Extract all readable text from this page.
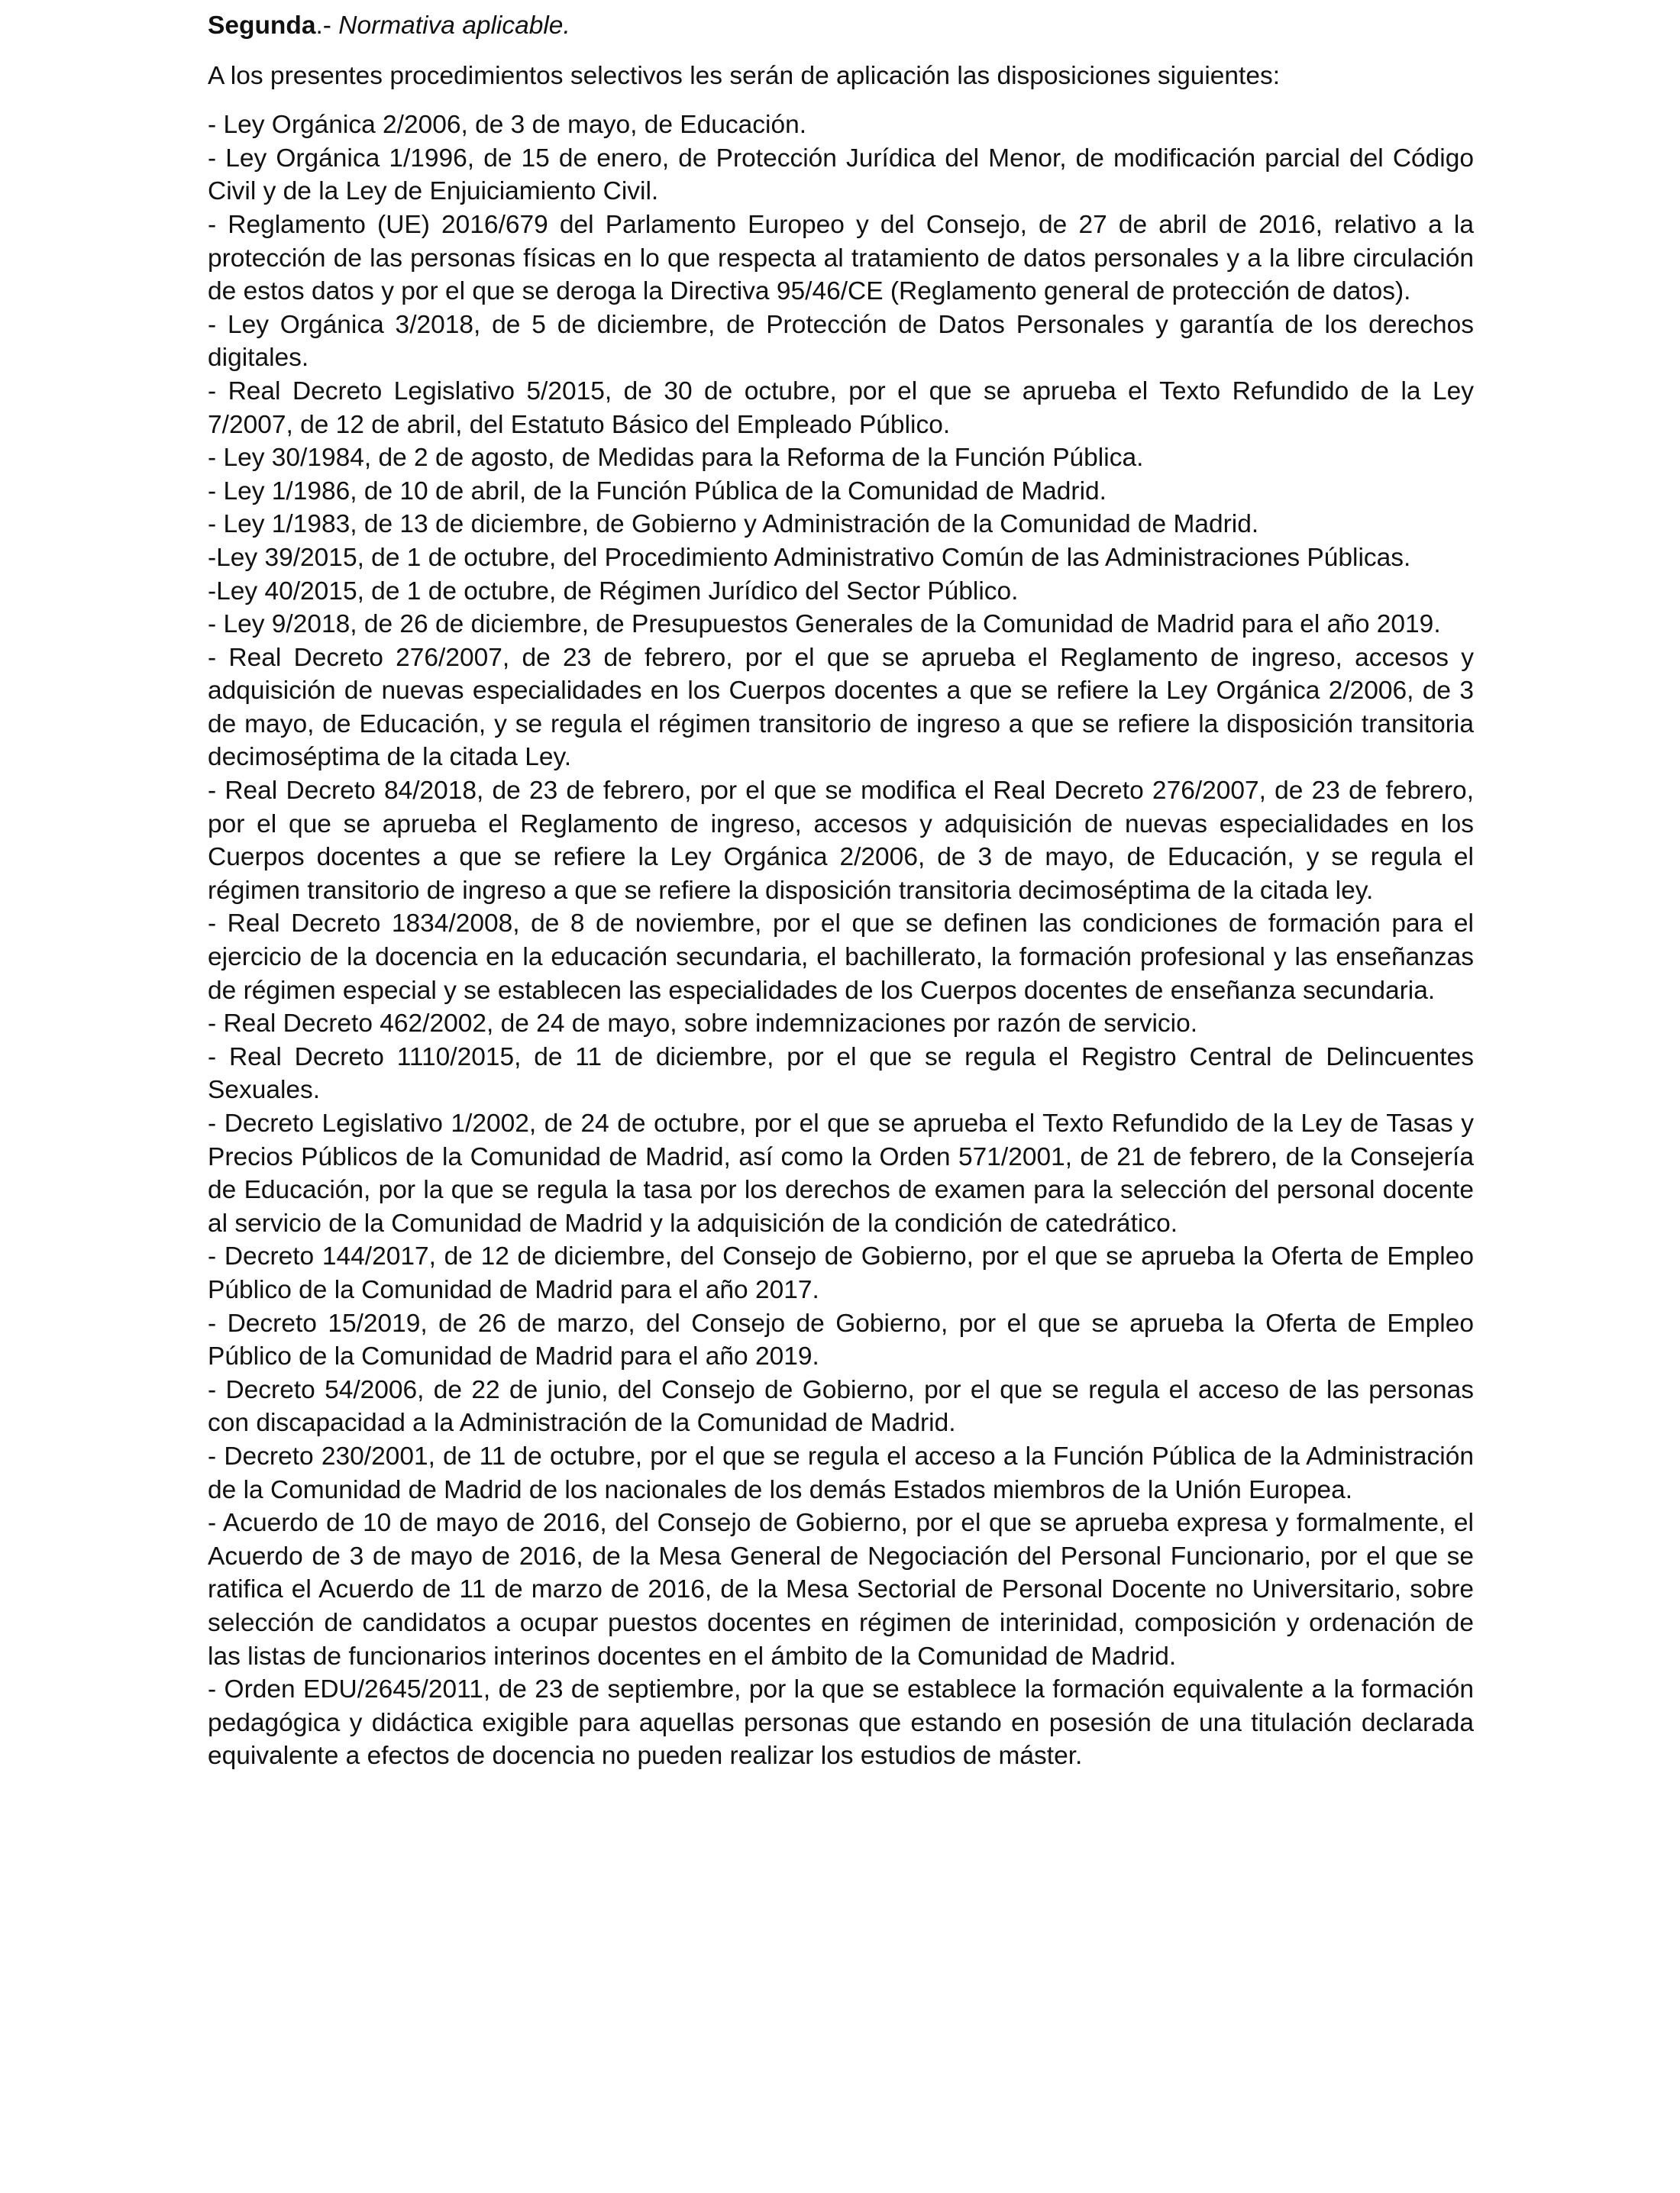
Segunda.- Normativa aplicable.

A los presentes procedimientos selectivos les serán de aplicación las disposiciones siguientes:

- Ley Orgánica 2/2006, de 3 de mayo, de Educación.

- Ley Orgánica 1/1996, de 15 de enero, de Protección Jurídica del Menor, de modificación parcial del Código Civil y de la Ley de Enjuiciamiento Civil.

- Reglamento (UE) 2016/679 del Parlamento Europeo y del Consejo, de 27 de abril de 2016, relativo a la protección de las personas físicas en lo que respecta al tratamiento de datos personales y a la libre circulación de estos datos y por el que se deroga la Directiva 95/46/CE (Reglamento general de protección de datos).

- Ley Orgánica 3/2018, de 5 de diciembre, de Protección de Datos Personales y garantía de los derechos digitales.

- Real Decreto Legislativo 5/2015, de 30 de octubre, por el que se aprueba el Texto Refundido de la Ley 7/2007, de 12 de abril, del Estatuto Básico del Empleado Público.

- Ley 30/1984, de 2 de agosto, de Medidas para la Reforma de la Función Pública.

- Ley 1/1986, de 10 de abril, de la Función Pública de la Comunidad de Madrid.

- Ley 1/1983, de 13 de diciembre, de Gobierno y Administración de la Comunidad de Madrid.

-Ley 39/2015, de 1 de octubre, del Procedimiento Administrativo Común de las Administraciones Públicas.

-Ley 40/2015, de 1 de octubre, de Régimen Jurídico del Sector Público.

- Ley 9/2018, de 26 de diciembre, de Presupuestos Generales de la Comunidad de Madrid para el año 2019.

- Real Decreto 276/2007, de 23 de febrero, por el que se aprueba el Reglamento de ingreso, accesos y adquisición de nuevas especialidades en los Cuerpos docentes a que se refiere la Ley Orgánica 2/2006, de 3 de mayo, de Educación, y se regula el régimen transitorio de ingreso a que se refiere la disposición transitoria decimoséptima de la citada Ley.

- Real Decreto 84/2018, de 23 de febrero, por el que se modifica el Real Decreto 276/2007, de 23 de febrero, por el que se aprueba el Reglamento de ingreso, accesos y adquisición de nuevas especialidades en los Cuerpos docentes a que se refiere la Ley Orgánica 2/2006, de 3 de mayo, de Educación, y se regula el régimen transitorio de ingreso a que se refiere la disposición transitoria decimoséptima de la citada ley.

- Real Decreto 1834/2008, de 8 de noviembre, por el que se definen las condiciones de formación para el ejercicio de la docencia en la educación secundaria, el bachillerato, la formación profesional y las enseñanzas de régimen especial y se establecen las especialidades de los Cuerpos docentes de enseñanza secundaria.

- Real Decreto 462/2002, de 24 de mayo, sobre indemnizaciones por razón de servicio.

- Real Decreto 1110/2015, de 11 de diciembre, por el que se regula el Registro Central de Delincuentes Sexuales.

- Decreto Legislativo 1/2002, de 24 de octubre, por el que se aprueba el Texto Refundido de la Ley de Tasas y Precios Públicos de la Comunidad de Madrid, así como la Orden 571/2001, de 21 de febrero, de la Consejería de Educación, por la que se regula la tasa por los derechos de examen para la selección del personal docente al servicio de la Comunidad de Madrid y la adquisición de la condición de catedrático.

- Decreto 144/2017, de 12 de diciembre, del Consejo de Gobierno, por el que se aprueba la Oferta de Empleo Público de la Comunidad de Madrid para el año 2017.

- Decreto 15/2019, de 26 de marzo, del Consejo de Gobierno, por el que se aprueba la Oferta de Empleo Público de la Comunidad de Madrid para el año 2019.

- Decreto 54/2006, de 22 de junio, del Consejo de Gobierno, por el que se regula el acceso de las personas con discapacidad a la Administración de la Comunidad de Madrid.

- Decreto 230/2001, de 11 de octubre, por el que se regula el acceso a la Función Pública de la Administración de la Comunidad de Madrid de los nacionales de los demás Estados miembros de la Unión Europea.

- Acuerdo de 10 de mayo de 2016, del Consejo de Gobierno, por el que se aprueba expresa y formalmente, el Acuerdo de 3 de mayo de 2016, de la Mesa General de Negociación del Personal Funcionario, por el que se ratifica el Acuerdo de 11 de marzo de 2016, de la Mesa Sectorial de Personal Docente no Universitario, sobre selección de candidatos a ocupar puestos docentes en régimen de interinidad, composición y ordenación de las listas de funcionarios interinos docentes en el ámbito de la Comunidad de Madrid.

- Orden EDU/2645/2011, de 23 de septiembre, por la que se establece la formación equivalente a la formación pedagógica y didáctica exigible para aquellas personas que estando en posesión de una titulación declarada equivalente a efectos de docencia no pueden realizar los estudios de máster.
